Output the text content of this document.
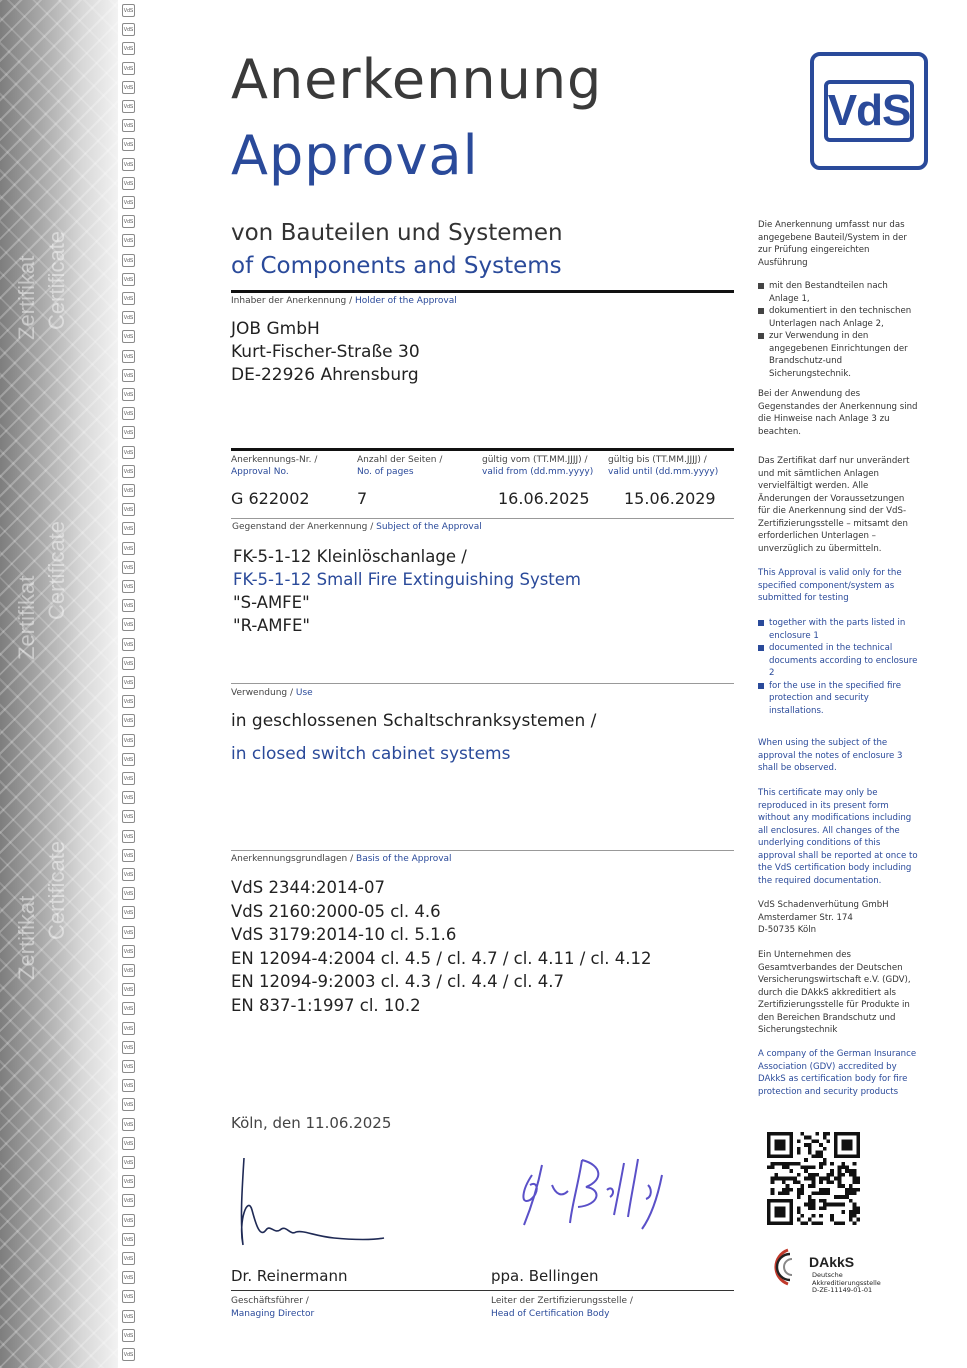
Zertifikat Certificate
Zertifikat Certificate
Zertifikat Certificate
VdS
VdS
VdS
VdS
VdS
VdS
VdS
VdS
VdS
VdS
VdS
VdS
VdS
VdS
VdS
VdS
VdS
VdS
VdS
VdS
VdS
VdS
VdS
VdS
VdS
VdS
VdS
VdS
VdS
VdS
VdS
VdS
VdS
VdS
VdS
VdS
VdS
VdS
VdS
VdS
VdS
VdS
VdS
VdS
VdS
VdS
VdS
VdS
VdS
VdS
VdS
VdS
VdS
VdS
VdS
VdS
VdS
VdS
VdS
VdS
VdS
VdS
VdS
VdS
VdS
VdS
VdS
VdS
VdS
VdS
VdS
Anerkennung
Approval
von Bauteilen und Systemen
of Components and Systems
VdS
Inhaber der Anerkennung / Holder of the Approval
JOB GmbH
Kurt-Fischer-Straße 30
DE-22926 Ahrensburg
Anerkennungs-Nr. /
Approval No.
Anzahl der Seiten /
No. of pages
gültig vom (TT.MM.JJJJ) /
valid from (dd.mm.yyyy)
gültig bis (TT.MM.JJJJ) /
valid until (dd.mm.yyyy)
G 622002	7	16.06.2025 15.06.2029
Gegenstand der Anerkennung / Subject of the Approval
FK-5-1-12 Kleinlöschanlage /
FK-5-1-12 Small Fire Extinguishing System
"S-AMFE"
"R-AMFE"
Verwendung / Use
in geschlossenen Schaltschranksystemen /
in closed switch cabinet systems
Anerkennungsgrundlagen / Basis of the Approval
VdS 2344:2014-07
VdS 2160:2000-05 cl. 4.6
VdS 3179:2014-10 cl. 5.1.6
EN 12094-4:2004 cl. 4.5 / cl. 4.7 / cl. 4.11 / cl. 4.12
EN 12094-9:2003 cl. 4.3 / cl. 4.4 / cl. 4.7
EN 837-1:1997 cl. 10.2
Köln, den 11.06.2025
Dr. Reinermann	ppa. Bellingen
Geschäftsführer /
Managing Director
Leiter der Zertifizierungsstelle /
Head of Certification Body
Die Anerkennung umfasst nur das angegebene Bauteil/System in der zur Prüfung eingereichten Ausführung
mit den Bestandteilen nach Anlage 1,
dokumentiert in den technischen Unterlagen nach Anlage 2,
zur Verwendung in den angegebenen Einrichtungen der Brandschutz-und Sicherungstechnik.
Bei der Anwendung des Gegenstandes der Anerkennung sind die Hinweise nach Anlage 3 zu beachten.
Das Zertifikat darf nur unverändert und mit sämtlichen Anlagen vervielfältigt werden. Alle Änderungen der Voraussetzungen für die Anerkennung sind der VdS-Zertifizierungsstelle – mitsamt den erforderlichen Unterlagen – unverzüglich zu übermitteln.
This Approval is valid only for the specified component/system as submitted for testing
together with the parts listed in enclosure 1
documented in the technical documents according to enclosure 2
for the use in the specified fire protection and security installations.
When using the subject of the approval the notes of enclosure 3 shall be observed.
This certificate may only be reproduced in its present form without any modifications including all enclosures. All changes of the underlying conditions of this approval shall be reported at once to the VdS certification body including the required documentation.
VdS Schadenverhütung GmbH
Amsterdamer Str. 174
D-50735 Köln
Ein Unternehmen des Gesamtverbandes der Deutschen Versicherungswirtschaft e.V. (GDV), durch die DAkkS akkreditiert als Zertifizierungsstelle für Produkte in den Bereichen Brandschutz und Sicherungstechnik
A company of the German Insurance Association (GDV) accredited by DAkkS as certification body for fire protection and security products
DAkkS
Deutsche
Akkreditierungsstelle
D-ZE-11149-01-01
